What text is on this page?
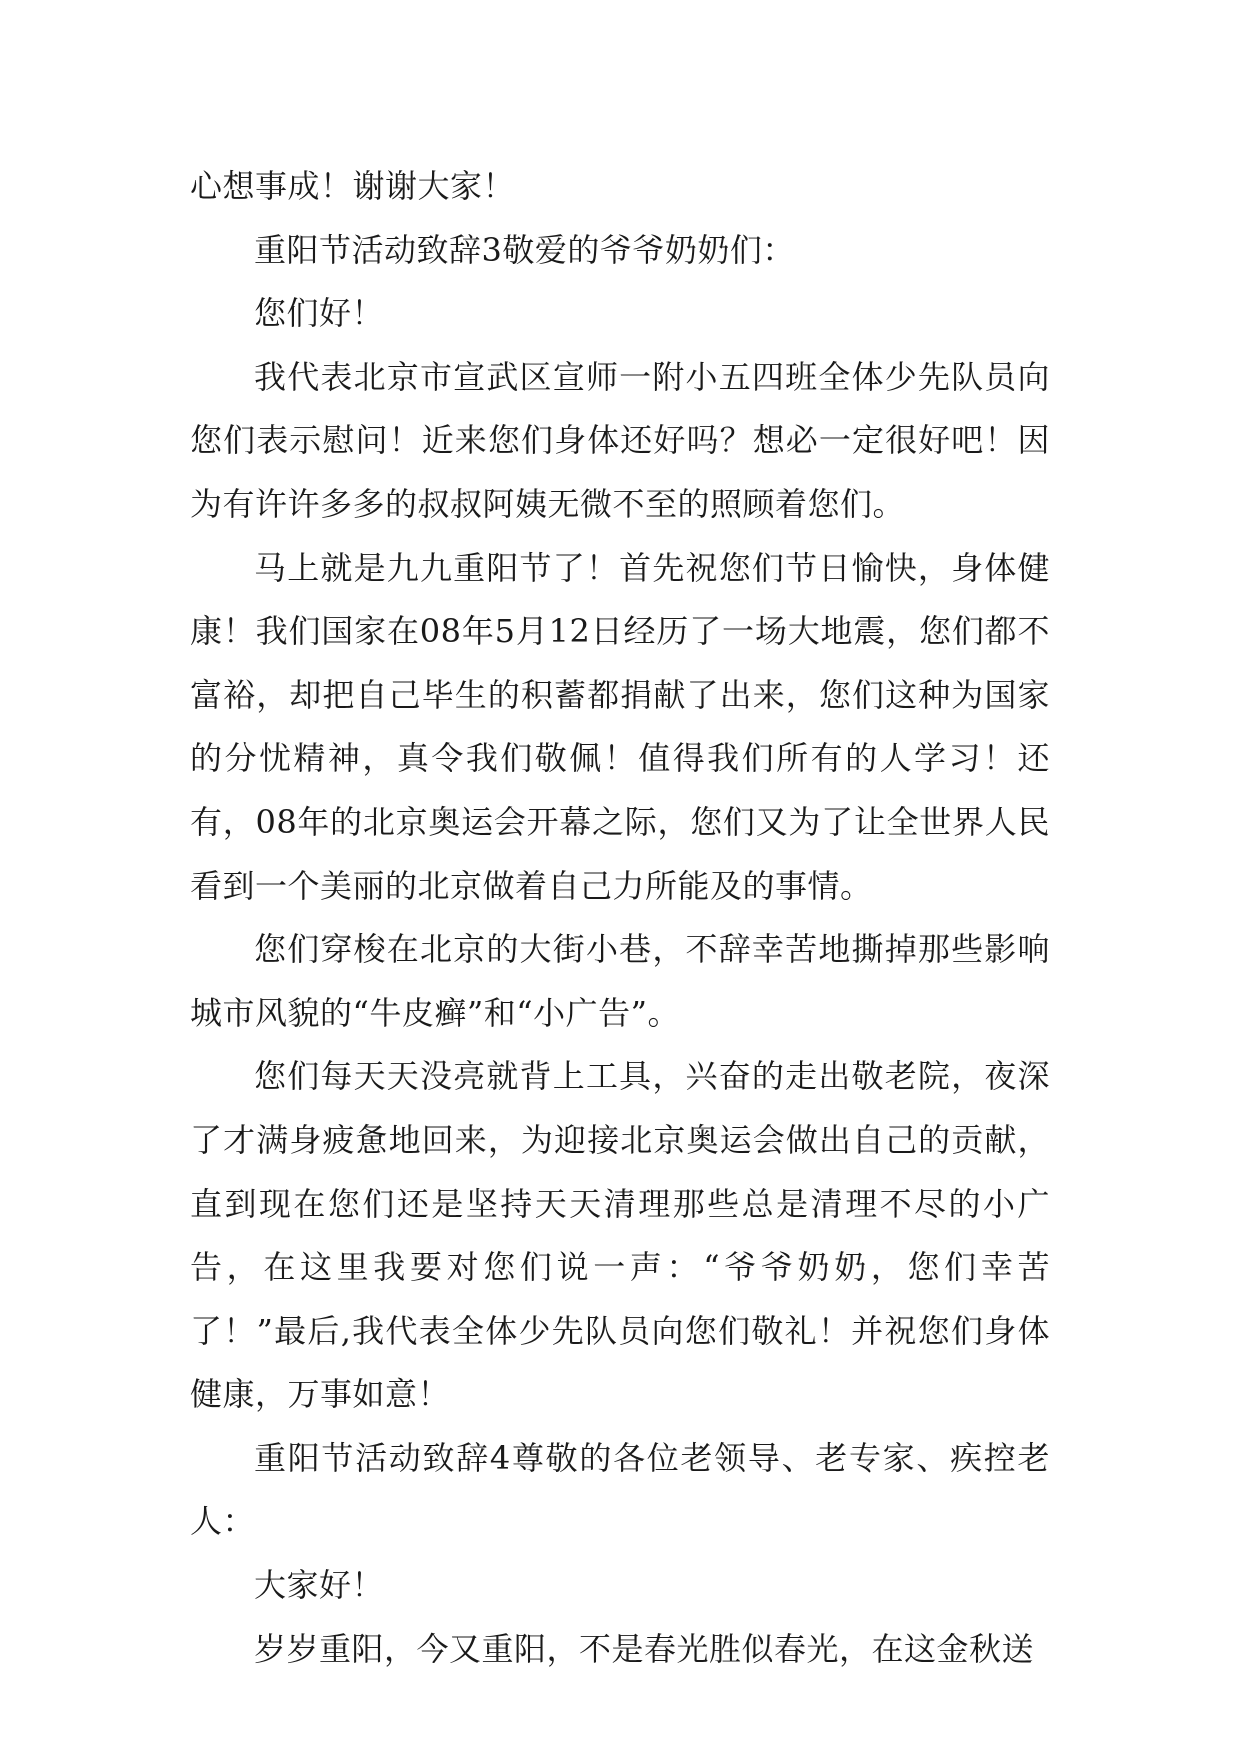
心想事成！谢谢大家！

重阳节活动致辞3敬爱的爷爷奶奶们：

您们好！

我代表北京市宣武区宣师一附小五四班全体少先队员向您们表示慰问！近来您们身体还好吗？想必一定很好吧！因为有许许多多的叔叔阿姨无微不至的照顾着您们。

马上就是九九重阳节了！首先祝您们节日愉快，身体健康！我们国家在08年5月12日经历了一场大地震，您们都不富裕，却把自己毕生的积蓄都捐献了出来，您们这种为国家的分忧精神，真令我们敬佩！值得我们所有的人学习！还有，08年的北京奥运会开幕之际，您们又为了让全世界人民看到一个美丽的北京做着自己力所能及的事情。

您们穿梭在北京的大街小巷，不辞幸苦地撕掉那些影响城市风貌的“牛皮癣”和“小广告”。

您们每天天没亮就背上工具，兴奋的走出敬老院，夜深了才满身疲惫地回来，为迎接北京奥运会做出自己的贡献，直到现在您们还是坚持天天清理那些总是清理不尽的小广告，在这里我要对您们说一声：“爷爷奶奶，您们幸苦了！”最后,我代表全体少先队员向您们敬礼！并祝您们身体健康，万事如意！

重阳节活动致辞4尊敬的各位老领导、老专家、疾控老人：

大家好！

岁岁重阳，今又重阳，不是春光胜似春光，在这金秋送
